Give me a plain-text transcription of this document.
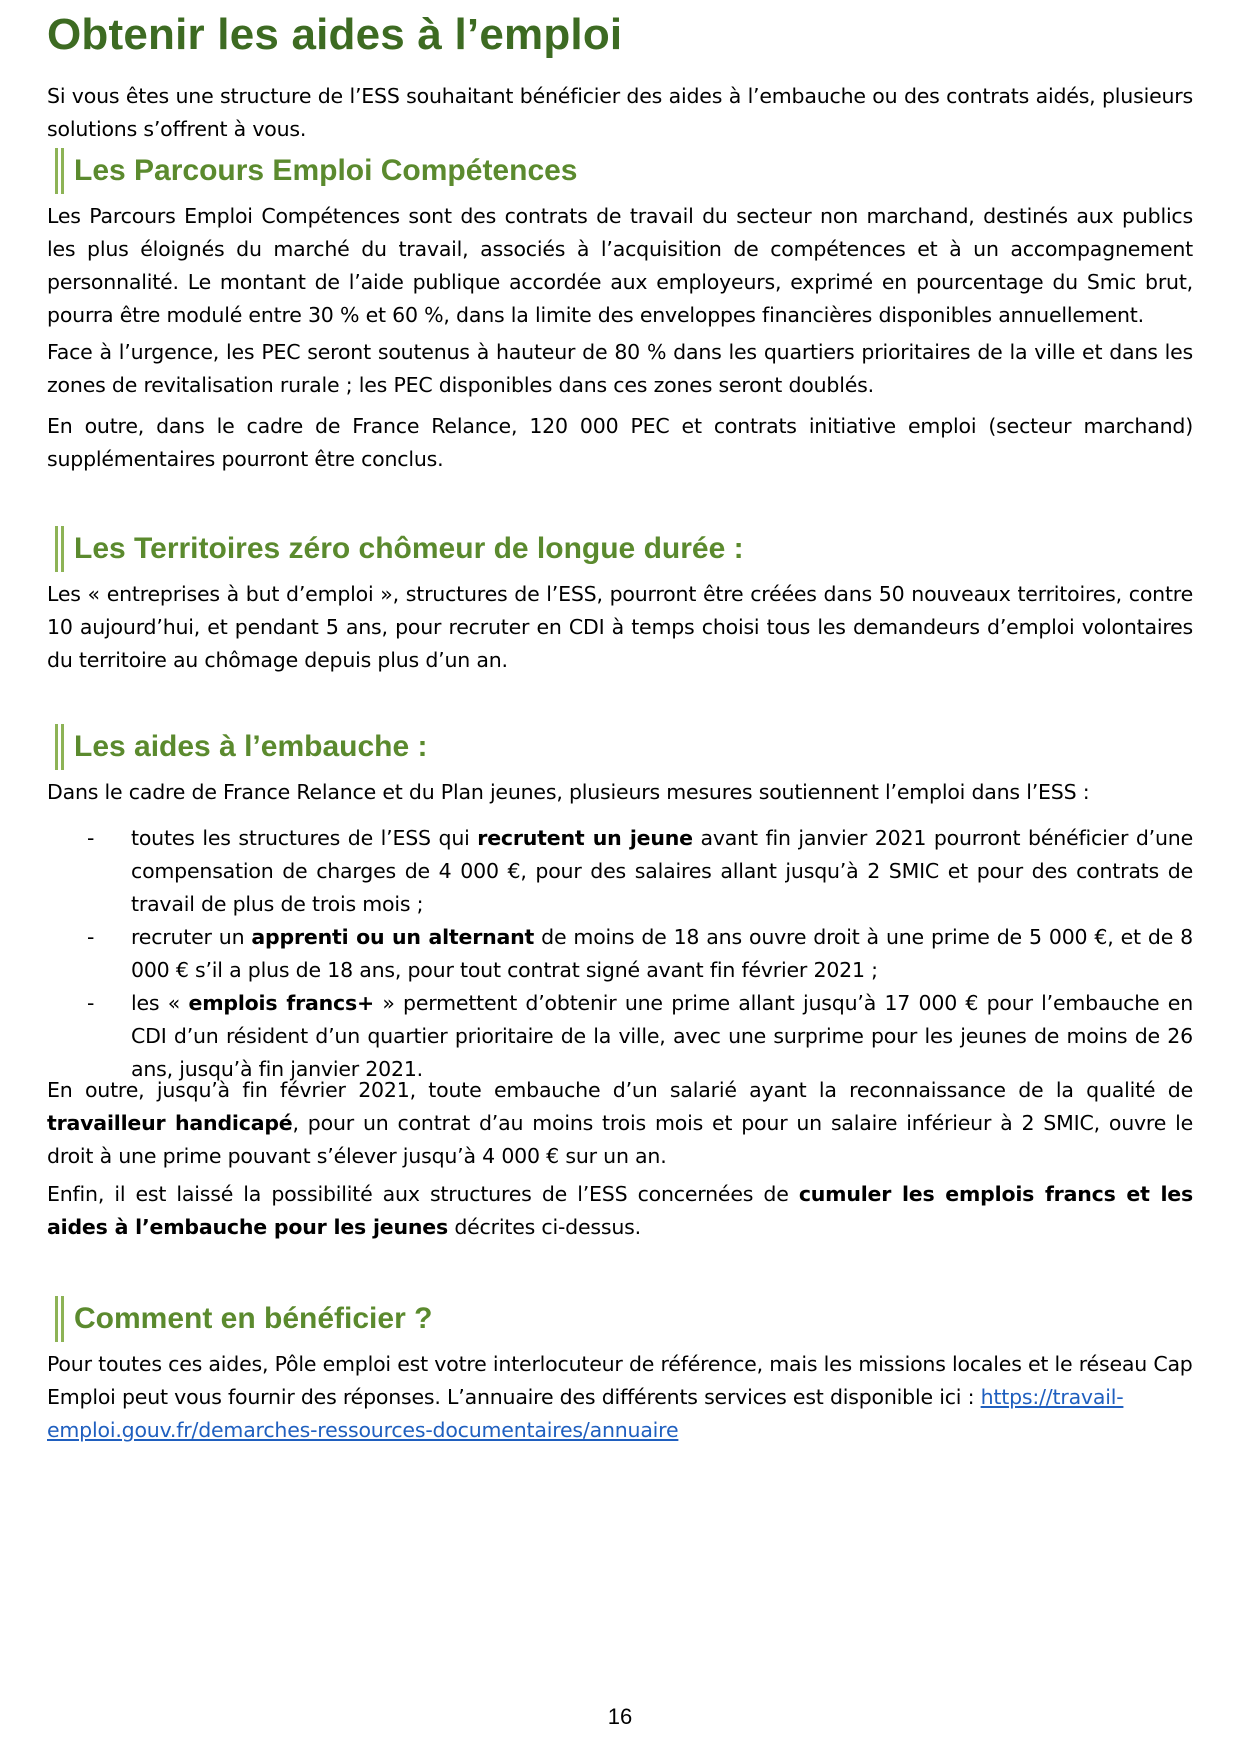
Obtenir les aides à l’emploi

Si vous êtes une structure de l’ESS souhaitant bénéficier des aides à l’embauche ou des contrats aidés, plusieurs solutions s’offrent à vous.

Les Parcours Emploi Compétences

Les Parcours Emploi Compétences sont des contrats de travail du secteur non marchand, destinés aux publics les plus éloignés du marché du travail, associés à l’acquisition de compétences et à un accompagnement personnalité. Le montant de l’aide publique accordée aux employeurs, exprimé en pourcentage du Smic brut, pourra être modulé entre 30 % et 60 %, dans la limite des enveloppes financières disponibles annuellement.

Face à l’urgence, les PEC seront soutenus à hauteur de 80 % dans les quartiers prioritaires de la ville et dans les zones de revitalisation rurale ; les PEC disponibles dans ces zones seront doublés.

En outre, dans le cadre de France Relance, 120 000 PEC et contrats initiative emploi (secteur marchand) supplémentaires pourront être conclus.

Les Territoires zéro chômeur de longue durée :

Les « entreprises à but d’emploi », structures de l’ESS, pourront être créées dans 50 nouveaux territoires, contre 10 aujourd’hui, et pendant 5 ans, pour recruter en CDI à temps choisi tous les demandeurs d’emploi volontaires du territoire au chômage depuis plus d’un an.

Les aides à l’embauche :

Dans le cadre de France Relance et du Plan jeunes, plusieurs mesures soutiennent l’emploi dans l’ESS :

- toutes les structures de l’ESS qui recrutent un jeune avant fin janvier 2021 pourront bénéficier d’une compensation de charges de 4 000 €, pour des salaires allant jusqu’à 2 SMIC et pour des contrats de travail de plus de trois mois ;
- recruter un apprenti ou un alternant de moins de 18 ans ouvre droit à une prime de 5 000 €, et de 8 000 € s’il a plus de 18 ans, pour tout contrat signé avant fin février 2021 ;
- les « emplois francs+ » permettent d’obtenir une prime allant jusqu’à 17 000 € pour l’embauche en CDI d’un résident d’un quartier prioritaire de la ville, avec une surprime pour les jeunes de moins de 26 ans, jusqu’à fin janvier 2021.

En outre, jusqu’à fin février 2021, toute embauche d’un salarié ayant la reconnaissance de la qualité de travailleur handicapé, pour un contrat d’au moins trois mois et pour un salaire inférieur à 2 SMIC, ouvre le droit à une prime pouvant s’élever jusqu’à 4 000 € sur un an.

Enfin, il est laissé la possibilité aux structures de l’ESS concernées de cumuler les emplois francs et les aides à l’embauche pour les jeunes décrites ci-dessus.

Comment en bénéficier ?

Pour toutes ces aides, Pôle emploi est votre interlocuteur de référence, mais les missions locales et le réseau Cap Emploi peut vous fournir des réponses. L’annuaire des différents services est disponible ici : https://travail-emploi.gouv.fr/demarches-ressources-documentaires/annuaire

16
